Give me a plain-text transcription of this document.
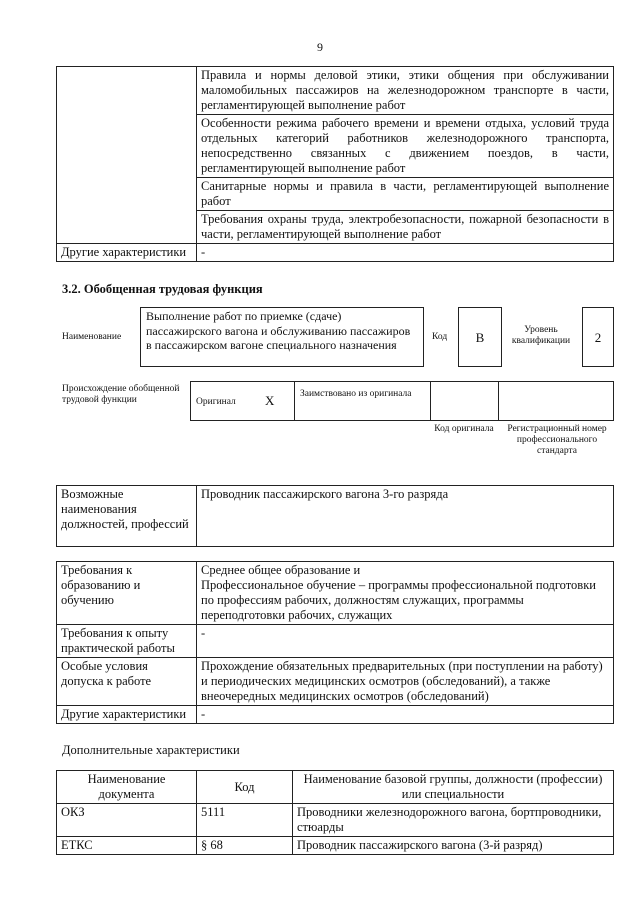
9
	Правила и нормы деловой этики, этики общения при обслуживании маломобильных пассажиров на железнодорожном транспорте в части, регламентирующей выполнение работ
	Особенности режима рабочего времени и времени отдыха, условий труда отдельных категорий работников железнодорожного транспорта, непосредственно связанных с движением поездов, в части, регламентирующей выполнение работ
	Санитарные нормы и правила в части, регламентирующей выполнение работ
	Требования охраны труда, электробезопасности, пожарной безопасности в части, регламентирующей выполнение работ
Другие характеристики	-
3.2. Обобщенная трудовая функция
Наименование
Выполнение работ по приемке (сдаче) пассажирского вагона и обслуживанию пассажиров в пассажирском вагоне специального назначения
Код	B	Уровень квалификации	2
Происхождение обобщенной трудовой функции	Оригинал X	Заимствовано из оригинала
Код оригинала	Регистрационный номер профессионального стандарта
Возможные наименования должностей, профессий	Проводник пассажирского вагона 3-го разряда
Требования к образованию и обучению	Среднее общее образование и
Профессиональное обучение – программы профессиональной подготовки по профессиям рабочих, должностям служащих, программы переподготовки рабочих, служащих

Требования к опыту практической работы	-
Особые условия допуска к работе	Прохождение обязательных предварительных (при поступлении на работу) и периодических медицинских осмотров (обследований), а также внеочередных медицинских осмотров (обследований)
Другие характеристики	-
Дополнительные характеристики
Наименование документа	Код	Наименование базовой группы, должности (профессии) или специальности
ОКЗ	5111	Проводники железнодорожного вагона, бортпроводники, стюарды
ЕТКС	§ 68	Проводник пассажирского вагона (3-й разряд)
